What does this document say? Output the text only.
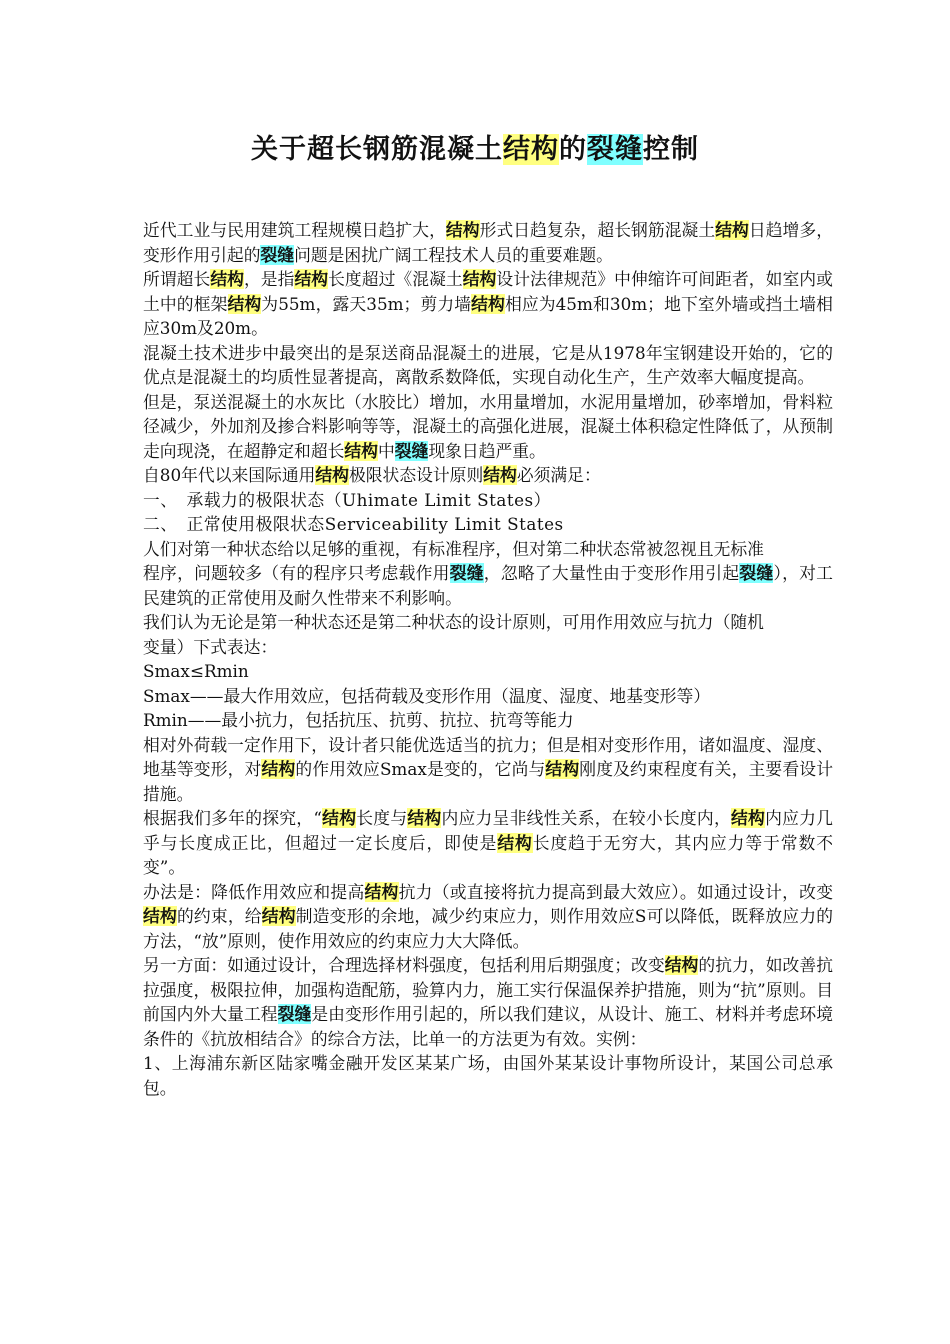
关于超长钢筋混凝土结构的裂缝控制

近代工业与民用建筑工程规模日趋扩大，结构形式日趋复杂，超长钢筋混凝土结构日趋增多，变形作用引起的裂缝问题是困扰广阔工程技术人员的重要难题。

所谓超长结构，是指结构长度超过《混凝土结构设计法律规范》中伸缩许可间距者，如室内或土中的框架结构为55m，露天35m；剪力墙结构相应为45m和30m；地下室外墙或挡土墙相应30m及20m。

混凝土技术进步中最突出的是泵送商品混凝土的进展，它是从1978年宝钢建设开始的，它的优点是混凝土的均质性显著提高，离散系数降低，实现自动化生产，生产效率大幅度提高。

但是，泵送混凝土的水灰比（水胶比）增加，水用量增加，水泥用量增加，砂率增加，骨料粒径减少，外加剂及掺合料影响等等，混凝土的高强化进展，混凝土体积稳定性降低了，从预制走向现浇，在超静定和超长结构中裂缝现象日趋严重。

自80年代以来国际通用结构极限状态设计原则结构必须满足：

一、　承载力的极限状态（Uhimate Limit States）

二、　正常使用极限状态Serviceability Limit States

人们对第一种状态给以足够的重视，有标准程序，但对第二种状态常被忽视且无标准

程序，问题较多（有的程序只考虑载作用裂缝，忽略了大量性由于变形作用引起裂缝），对工民建筑的正常使用及耐久性带来不利影响。

我们认为无论是第一种状态还是第二种状态的设计原则，可用作用效应与抗力（随机

变量）下式表达：

Smax≤Rmin

Smax——最大作用效应，包括荷载及变形作用（温度、湿度、地基变形等）

Rmin——最小抗力，包括抗压、抗剪、抗拉、抗弯等能力

相对外荷载一定作用下，设计者只能优选适当的抗力；但是相对变形作用，诸如温度、湿度、地基等变形，对结构的作用效应Smax是变的，它尚与结构刚度及约束程度有关，主要看设计措施。

根据我们多年的探究，“结构长度与结构内应力呈非线性关系，在较小长度内，结构内应力几乎与长度成正比，但超过一定长度后，即使是结构长度趋于无穷大，其内应力等于常数不变”。

办法是：降低作用效应和提高结构抗力（或直接将抗力提高到最大效应）。如通过设计，改变结构的约束，给结构制造变形的余地，减少约束应力，则作用效应S可以降低，既释放应力的方法，“放”原则，使作用效应的约束应力大大降低。

另一方面：如通过设计，合理选择材料强度，包括利用后期强度；改变结构的抗力，如改善抗拉强度，极限拉伸，加强构造配筋，验算内力，施工实行保温保养护措施，则为“抗”原则。目前国内外大量工程裂缝是由变形作用引起的，所以我们建议，从设计、施工、材料并考虑环境条件的《抗放相结合》的综合方法，比单一的方法更为有效。实例：

1、上海浦东新区陆家嘴金融开发区某某广场，由国外某某设计事物所设计，某国公司总承包。
